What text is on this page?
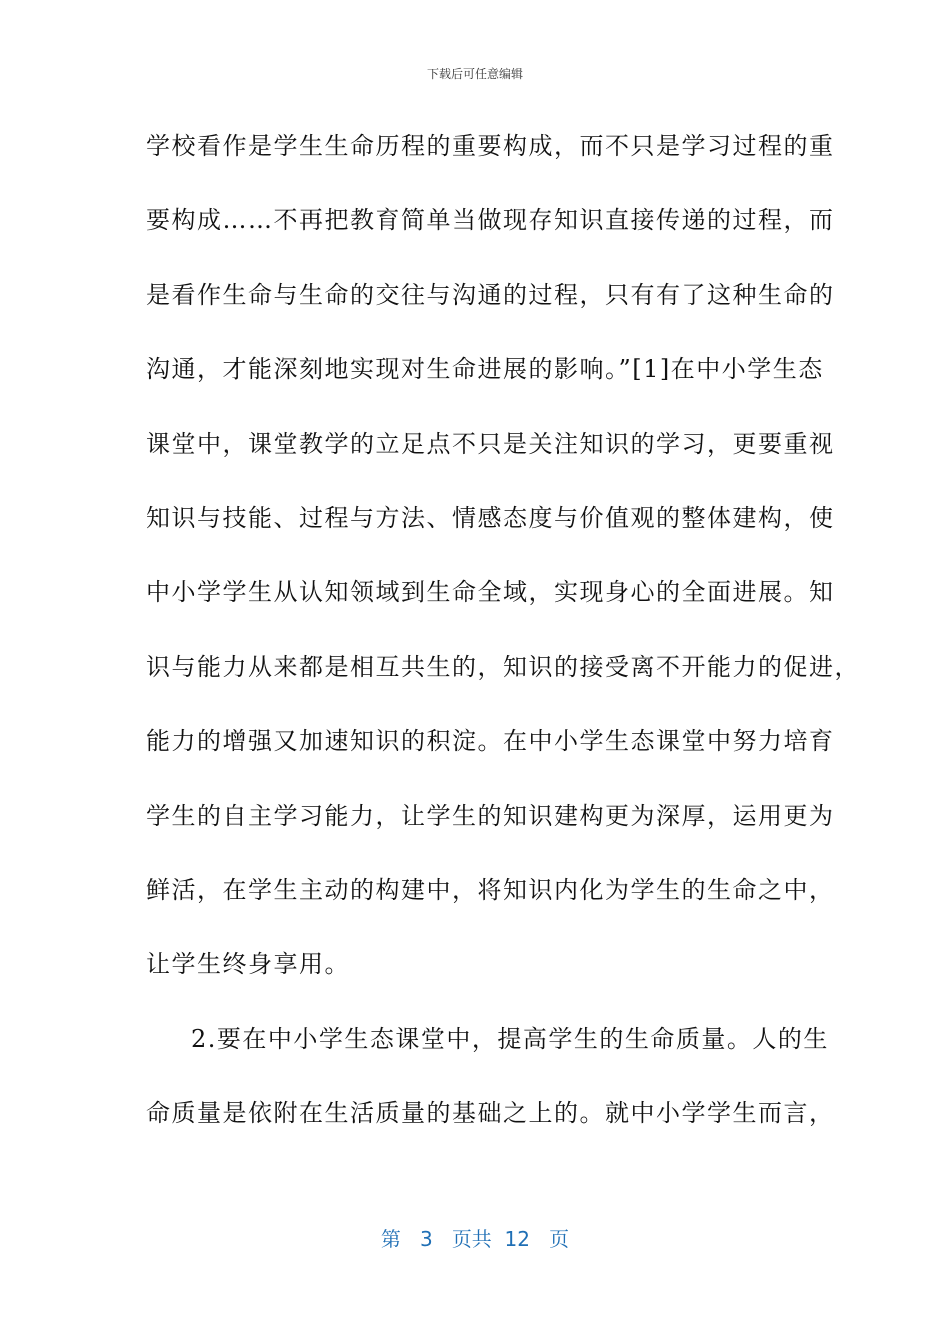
下载后可任意编辑
学校看作是学生生命历程的重要构成，而不只是学习过程的重
要构成……不再把教育简单当做现存知识直接传递的过程，而
是看作生命与生命的交往与沟通的过程，只有有了这种生命的
沟通，才能深刻地实现对生命进展的影响。”[1]在中小学生态
课堂中，课堂教学的立足点不只是关注知识的学习，更要重视
知识与技能、过程与方法、情感态度与价值观的整体建构，使
中小学学生从认知领域到生命全域，实现身心的全面进展。知
识与能力从来都是相互共生的，知识的接受离不开能力的促进，
能力的增强又加速知识的积淀。在中小学生态课堂中努力培育
学生的自主学习能力，让学生的知识建构更为深厚，运用更为
鲜活，在学生主动的构建中，将知识内化为学生的生命之中，
让学生终身享用。
2.要在中小学生态课堂中，提高学生的生命质量。人的生
命质量是依附在生活质量的基础之上的。就中小学学生而言，
第 3 页共 12 页
